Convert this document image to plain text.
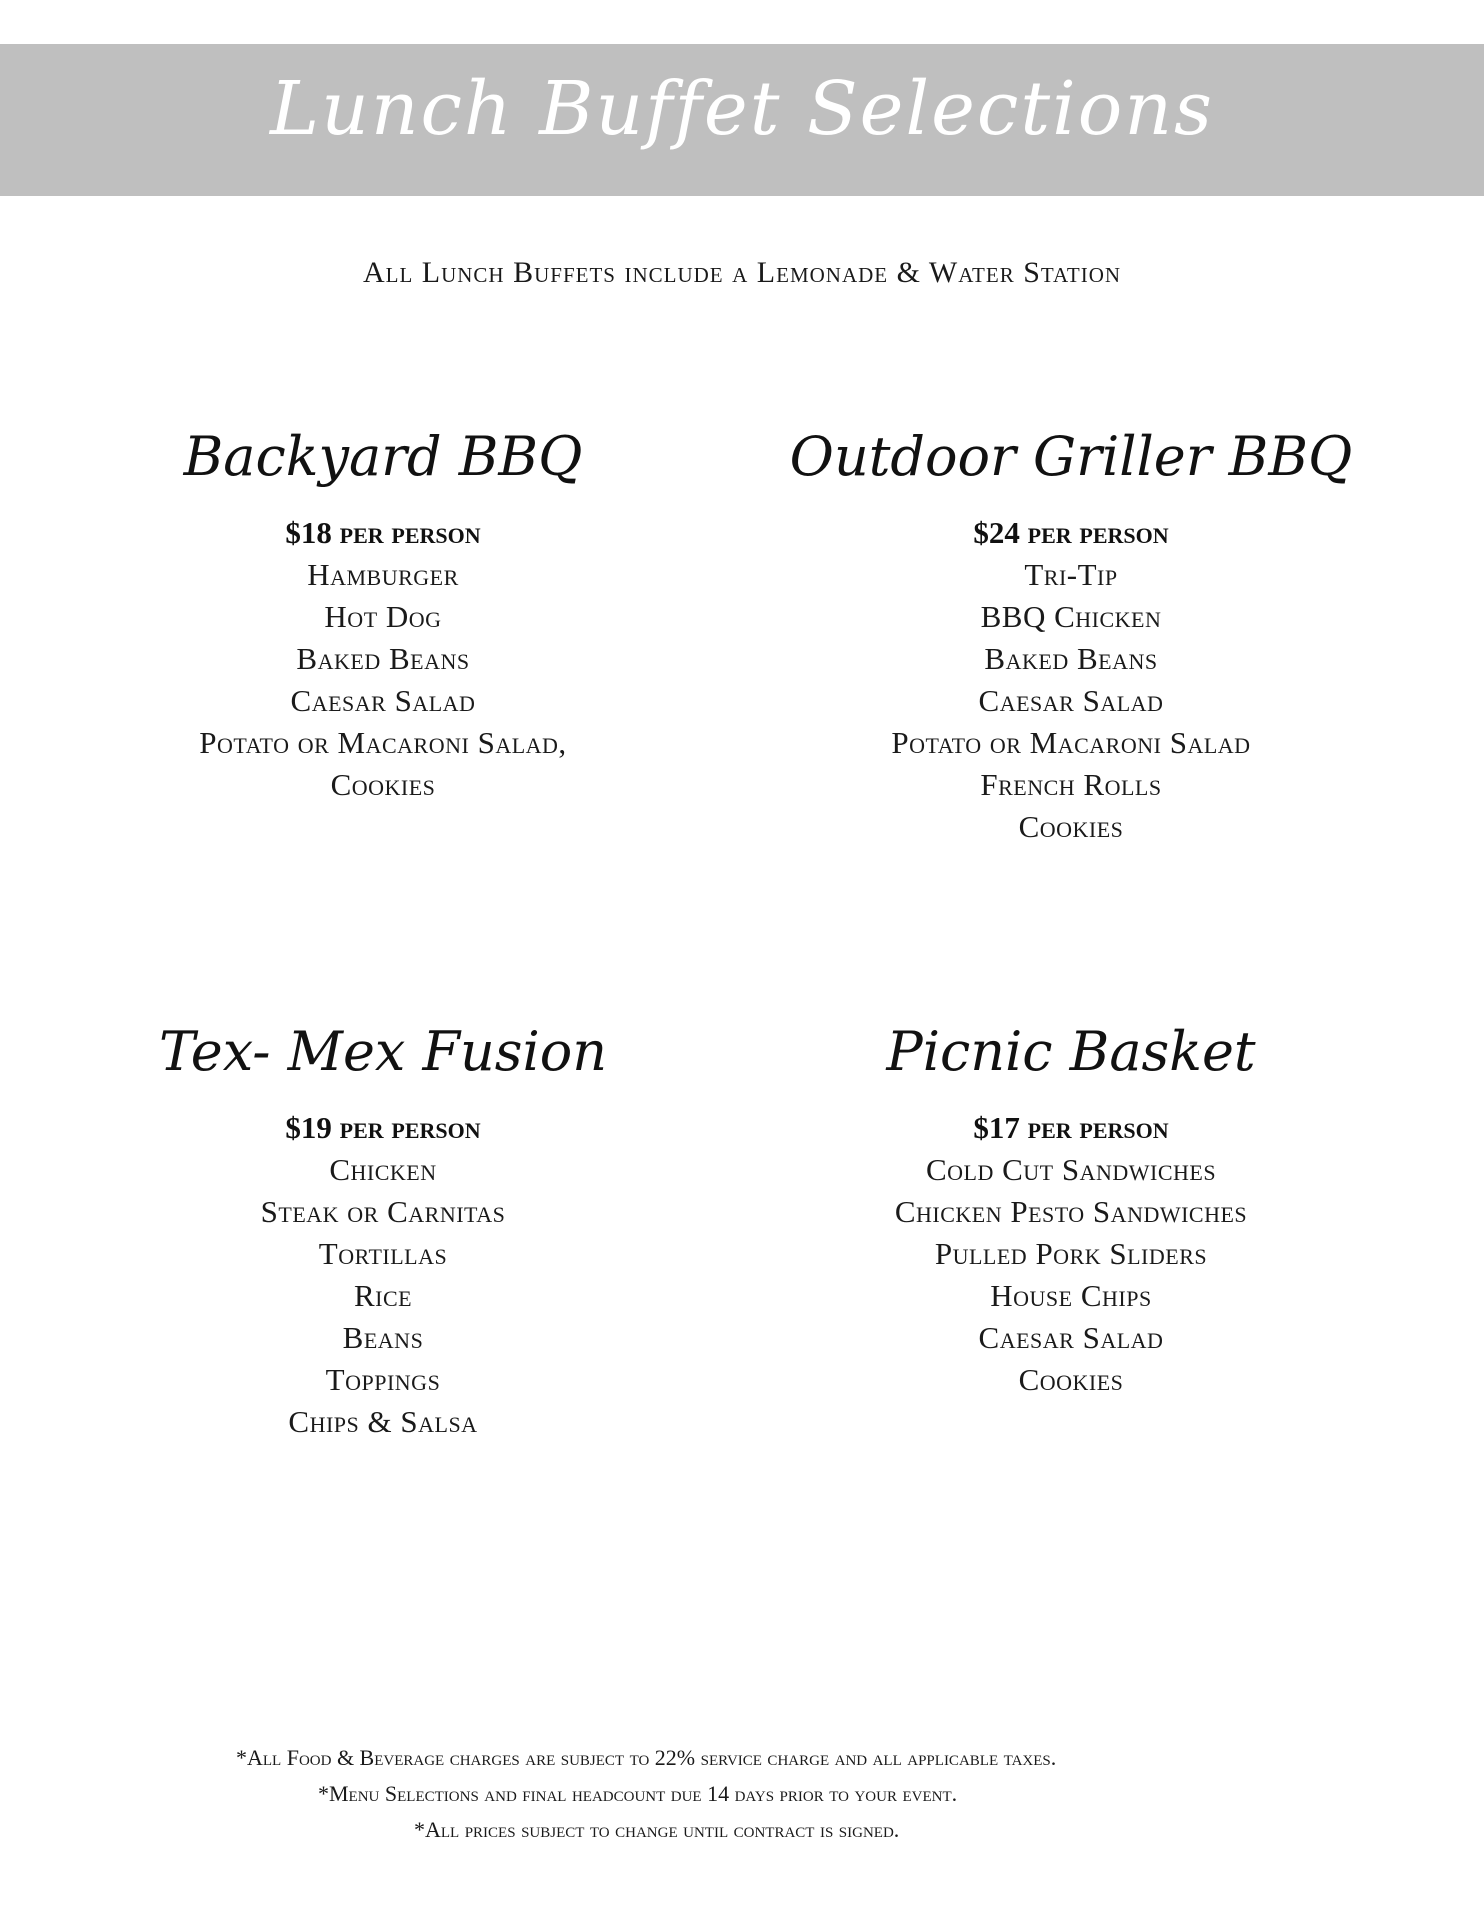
Lunch Buffet Selections
All Lunch Buffets include a Lemonade & Water Station
Backyard BBQ
$18 per person
Hamburger
Hot Dog
Baked Beans
Caesar Salad
Potato or Macaroni Salad,
Cookies
Outdoor Griller BBQ
$24 per person
Tri-Tip
BBQ Chicken
Baked Beans
Caesar Salad
Potato or Macaroni Salad
French Rolls
Cookies
Tex- Mex Fusion
$19 per person
Chicken
Steak or Carnitas
Tortillas
Rice
Beans
Toppings
Chips & Salsa
Picnic Basket
$17 per person
Cold Cut Sandwiches
Chicken Pesto Sandwiches
Pulled Pork Sliders
House Chips
Caesar Salad
Cookies
*All Food & Beverage charges are subject to 22% service charge and all applicable taxes.
*Menu Selections and final headcount due 14 days prior to your event.
*All prices subject to change until contract is signed.
